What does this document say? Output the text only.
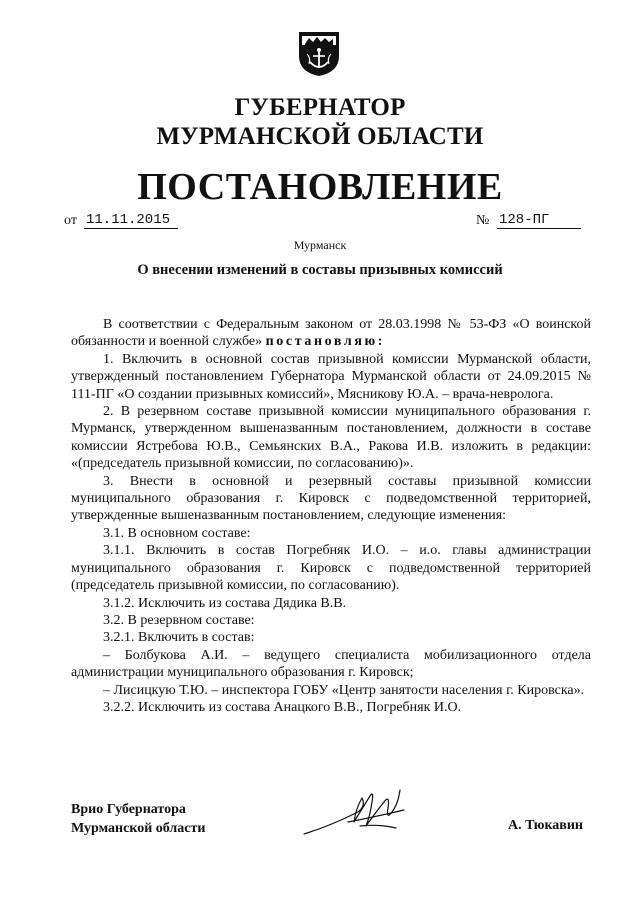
ГУБЕРНАТОР
МУРМАНСКОЙ ОБЛАСТИ
ПОСТАНОВЛЕНИЕ
от 11.11.2015	№ 128-ПГ
Мурманск
О внесении изменений в составы призывных комиссий

В соответствии с Федеральным законом от 28.03.1998 № 53-ФЗ «О воинской обязанности и военной службе» постановляю:

1. Включить в основной состав призывной комиссии Мурманской области, утвержденный постановлением Губернатора Мурманской области от 24.09.2015 № 111-ПГ «О создании призывных комиссий», Мясникову Ю.А. – врача-невролога.

2. В резервном составе призывной комиссии муниципального образования г. Мурманск, утвержденном вышеназванным постановлением, должности в составе комиссии Ястребова Ю.В., Семьянских В.А., Ракова И.В. изложить в редакции: «(председатель призывной комиссии, по согласованию)».

3. Внести в основной и резервный составы призывной комиссии муниципального образования г. Кировск с подведомственной территорией, утвержденные вышеназванным постановлением, следующие изменения:

3.1. В основном составе:

3.1.1. Включить в состав Погребняк И.О. – и.о. главы администрации муниципального образования г. Кировск с подведомственной территорией (председатель призывной комиссии, по согласованию).

3.1.2. Исключить из состава Дядика В.В.

3.2. В резервном составе:

3.2.1. Включить в состав:

– Болбукова А.И. – ведущего специалиста мобилизационного отдела администрации муниципального образования г. Кировск;

– Лисицкую Т.Ю. – инспектора ГОБУ «Центр занятости населения г. Кировска».

3.2.2. Исключить из состава Анацкого В.В., Погребняк И.О.

Врио Губернатора
Мурманской области	А. Тюкавин
